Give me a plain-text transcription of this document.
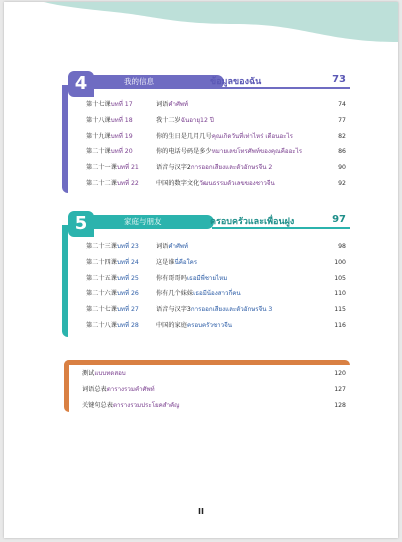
4	我的信息	ข้อมูลของฉัน	73
第十七课บทที่ 17	词语คำศัพท์	74
第十八课บทที่ 18	我十二岁ฉันอายุ12 ปี	77
第十九课บทที่ 19	你的生日是几月几号คุณเกิดวันที่เท่าไหร่ เดือนอะไร	82
第二十课บทที่ 20	你的电话号码是多少หมายเลขโทรศัพท์ของคุณคืออะไร	86
第二十一课บทที่ 21	语音与汉字2การออกเสียงและตัวอักษรจีน 2	90
第二十二课บทที่ 22	中国的数字文化วัฒนธรรมตัวเลขของชาวจีน	92
5	家庭与朋友	ครอบครัวและเพื่อนฝูง	97
第二十三课บทที่ 23	词语คำศัพท์	98
第二十四课บทที่ 24	这是谁นี่คือใคร	100
第二十五课บทที่ 25	你有哥哥吗เธอมีพี่ชายไหม	105
第二十六课บทที่ 26	你有几个妹妹เธอมีน้องสาวกี่คน	110
第二十七课บทที่ 27	语音与汉字3การออกเสียงและตัวอักษรจีน 3	115
第二十八课บทที่ 28	中国的家庭ครอบครัวชาวจีน	116
测试แบบทดสอบ	120
词语总表ตารางรวมคำศัพท์	127
关键句总表ตารางรวมประโยคสำคัญ	128
II
